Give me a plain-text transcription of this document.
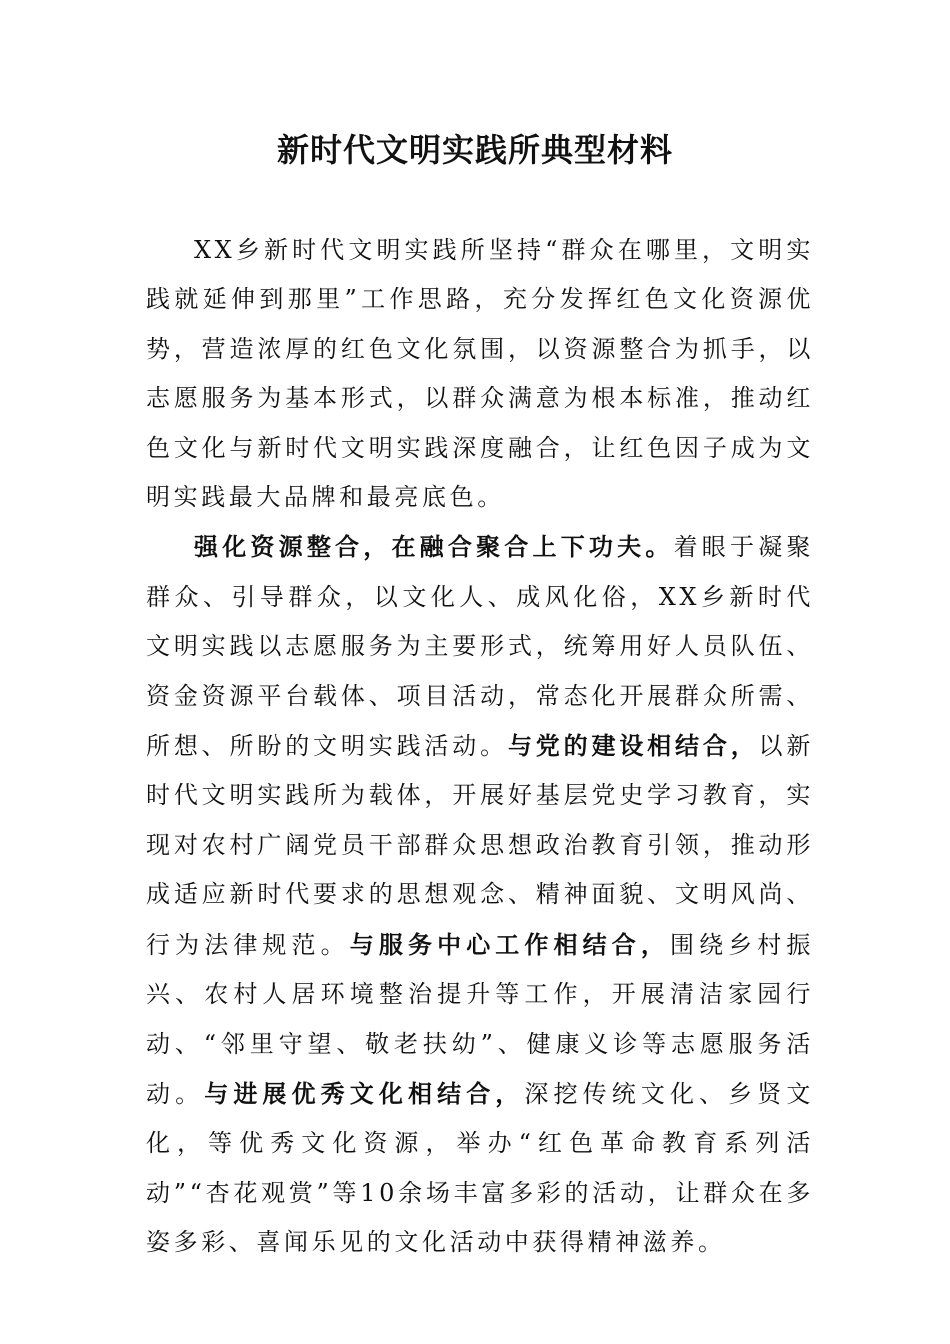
新时代文明实践所典型材料

XX乡新时代文明实践所坚持“群众在哪里，文明实践就延伸到那里”工作思路，充分发挥红色文化资源优势，营造浓厚的红色文化氛围，以资源整合为抓手，以志愿服务为基本形式，以群众满意为根本标准，推动红色文化与新时代文明实践深度融合，让红色因子成为文明实践最大品牌和最亮底色。

强化资源整合，在融合聚合上下功夫。着眼于凝聚群众、引导群众，以文化人、成风化俗，XX乡新时代文明实践以志愿服务为主要形式，统筹用好人员队伍、资金资源平台载体、项目活动，常态化开展群众所需、所想、所盼的文明实践活动。与党的建设相结合，以新时代文明实践所为载体，开展好基层党史学习教育，实现对农村广阔党员干部群众思想政治教育引领，推动形成适应新时代要求的思想观念、精神面貌、文明风尚、行为法律规范。与服务中心工作相结合，围绕乡村振兴、农村人居环境整治提升等工作，开展清洁家园行动、“邻里守望、敬老扶幼”、健康义诊等志愿服务活动。与进展优秀文化相结合，深挖传统文化、乡贤文化，等优秀文化资源，举办“红色革命教育系列活动”“杏花观赏”等10余场丰富多彩的活动，让群众在多姿多彩、喜闻乐见的文化活动中获得精神滋养。
